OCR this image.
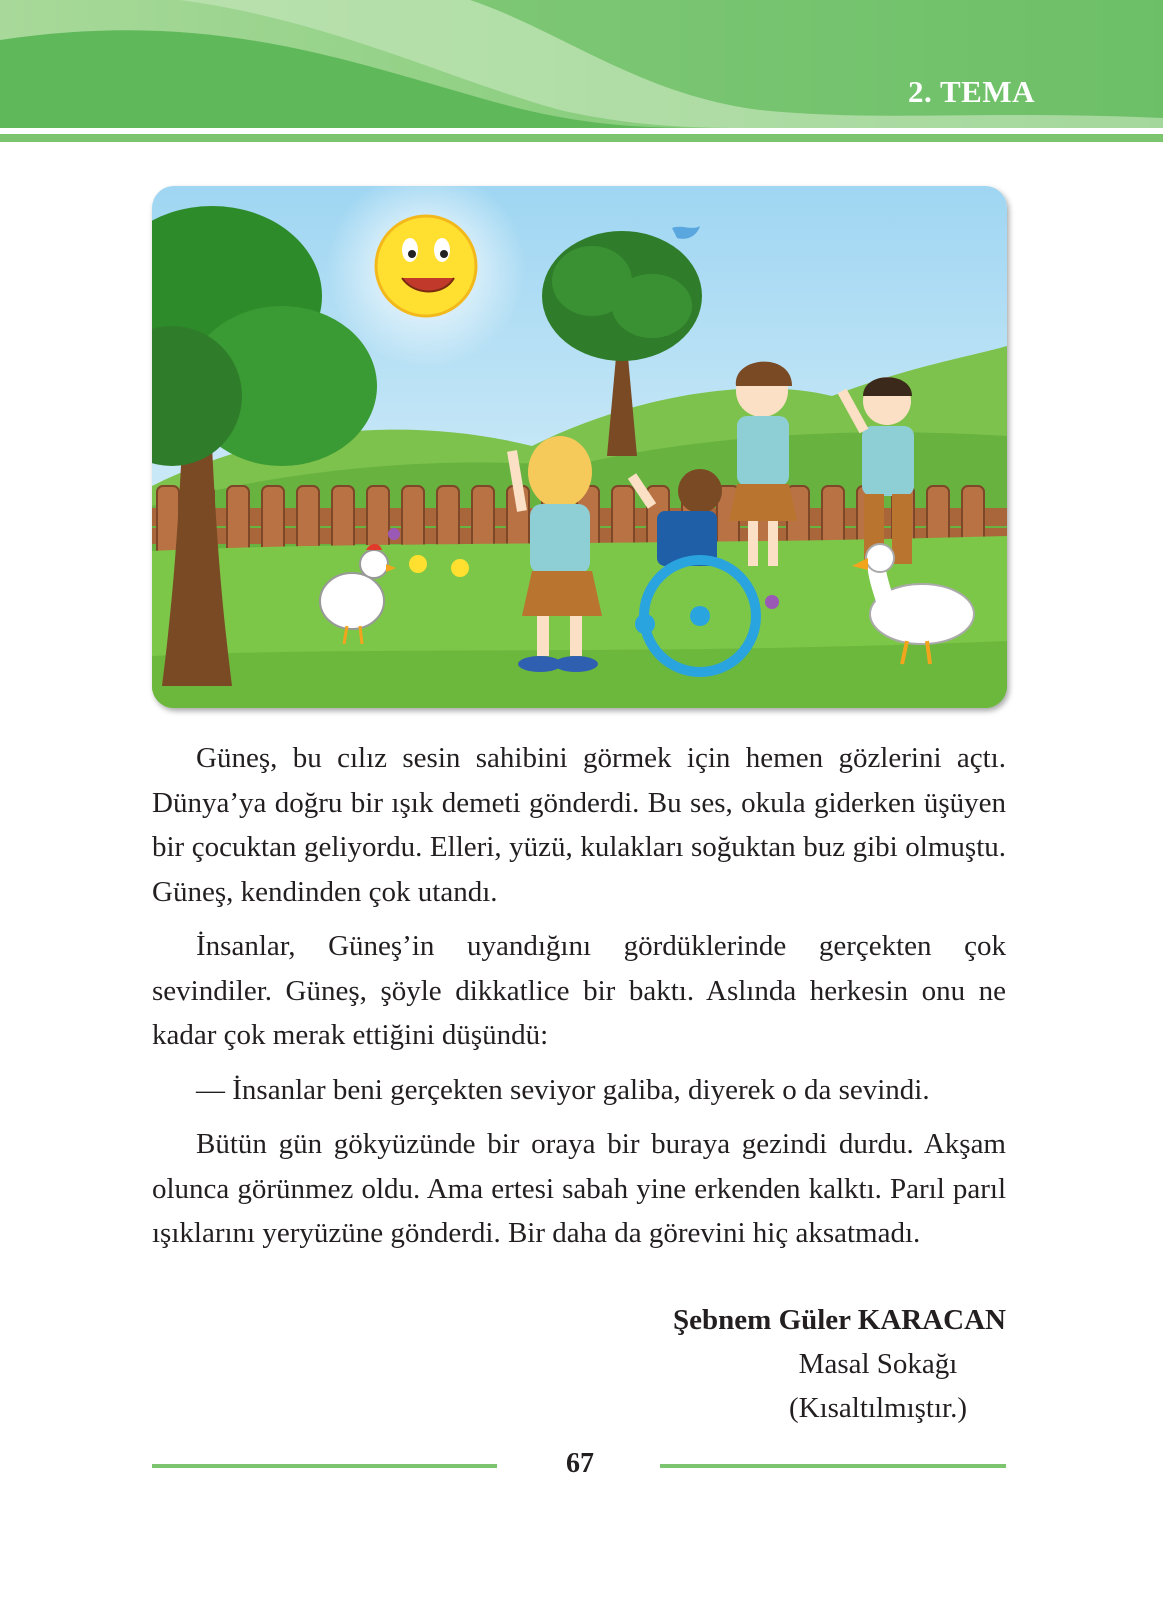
2. TEMA

Güneş, bu cılız sesin sahibini görmek için hemen gözlerini açtı. Dünya’ya doğru bir ışık demeti gönderdi. Bu ses, okula giderken üşüyen bir çocuktan geliyordu. Elleri, yüzü, kulakları soğuktan buz gibi olmuştu. Güneş, kendinden çok utandı.

İnsanlar, Güneş’in uyandığını gördüklerinde gerçekten çok sevindiler. Güneş, şöyle dikkatlice bir baktı. Aslında herkesin onu ne kadar çok merak ettiğini düşündü:

— İnsanlar beni gerçekten seviyor galiba, diyerek o da sevindi.

Bütün gün gökyüzünde bir oraya bir buraya gezindi durdu. Akşam olunca görünmez oldu. Ama ertesi sabah yine erkenden kalktı. Parıl parıl ışıklarını yeryüzüne gönderdi. Bir daha da görevini hiç aksatmadı.

Şebnem Güler KARACAN
Masal Sokağı
(Kısaltılmıştır.)
67
